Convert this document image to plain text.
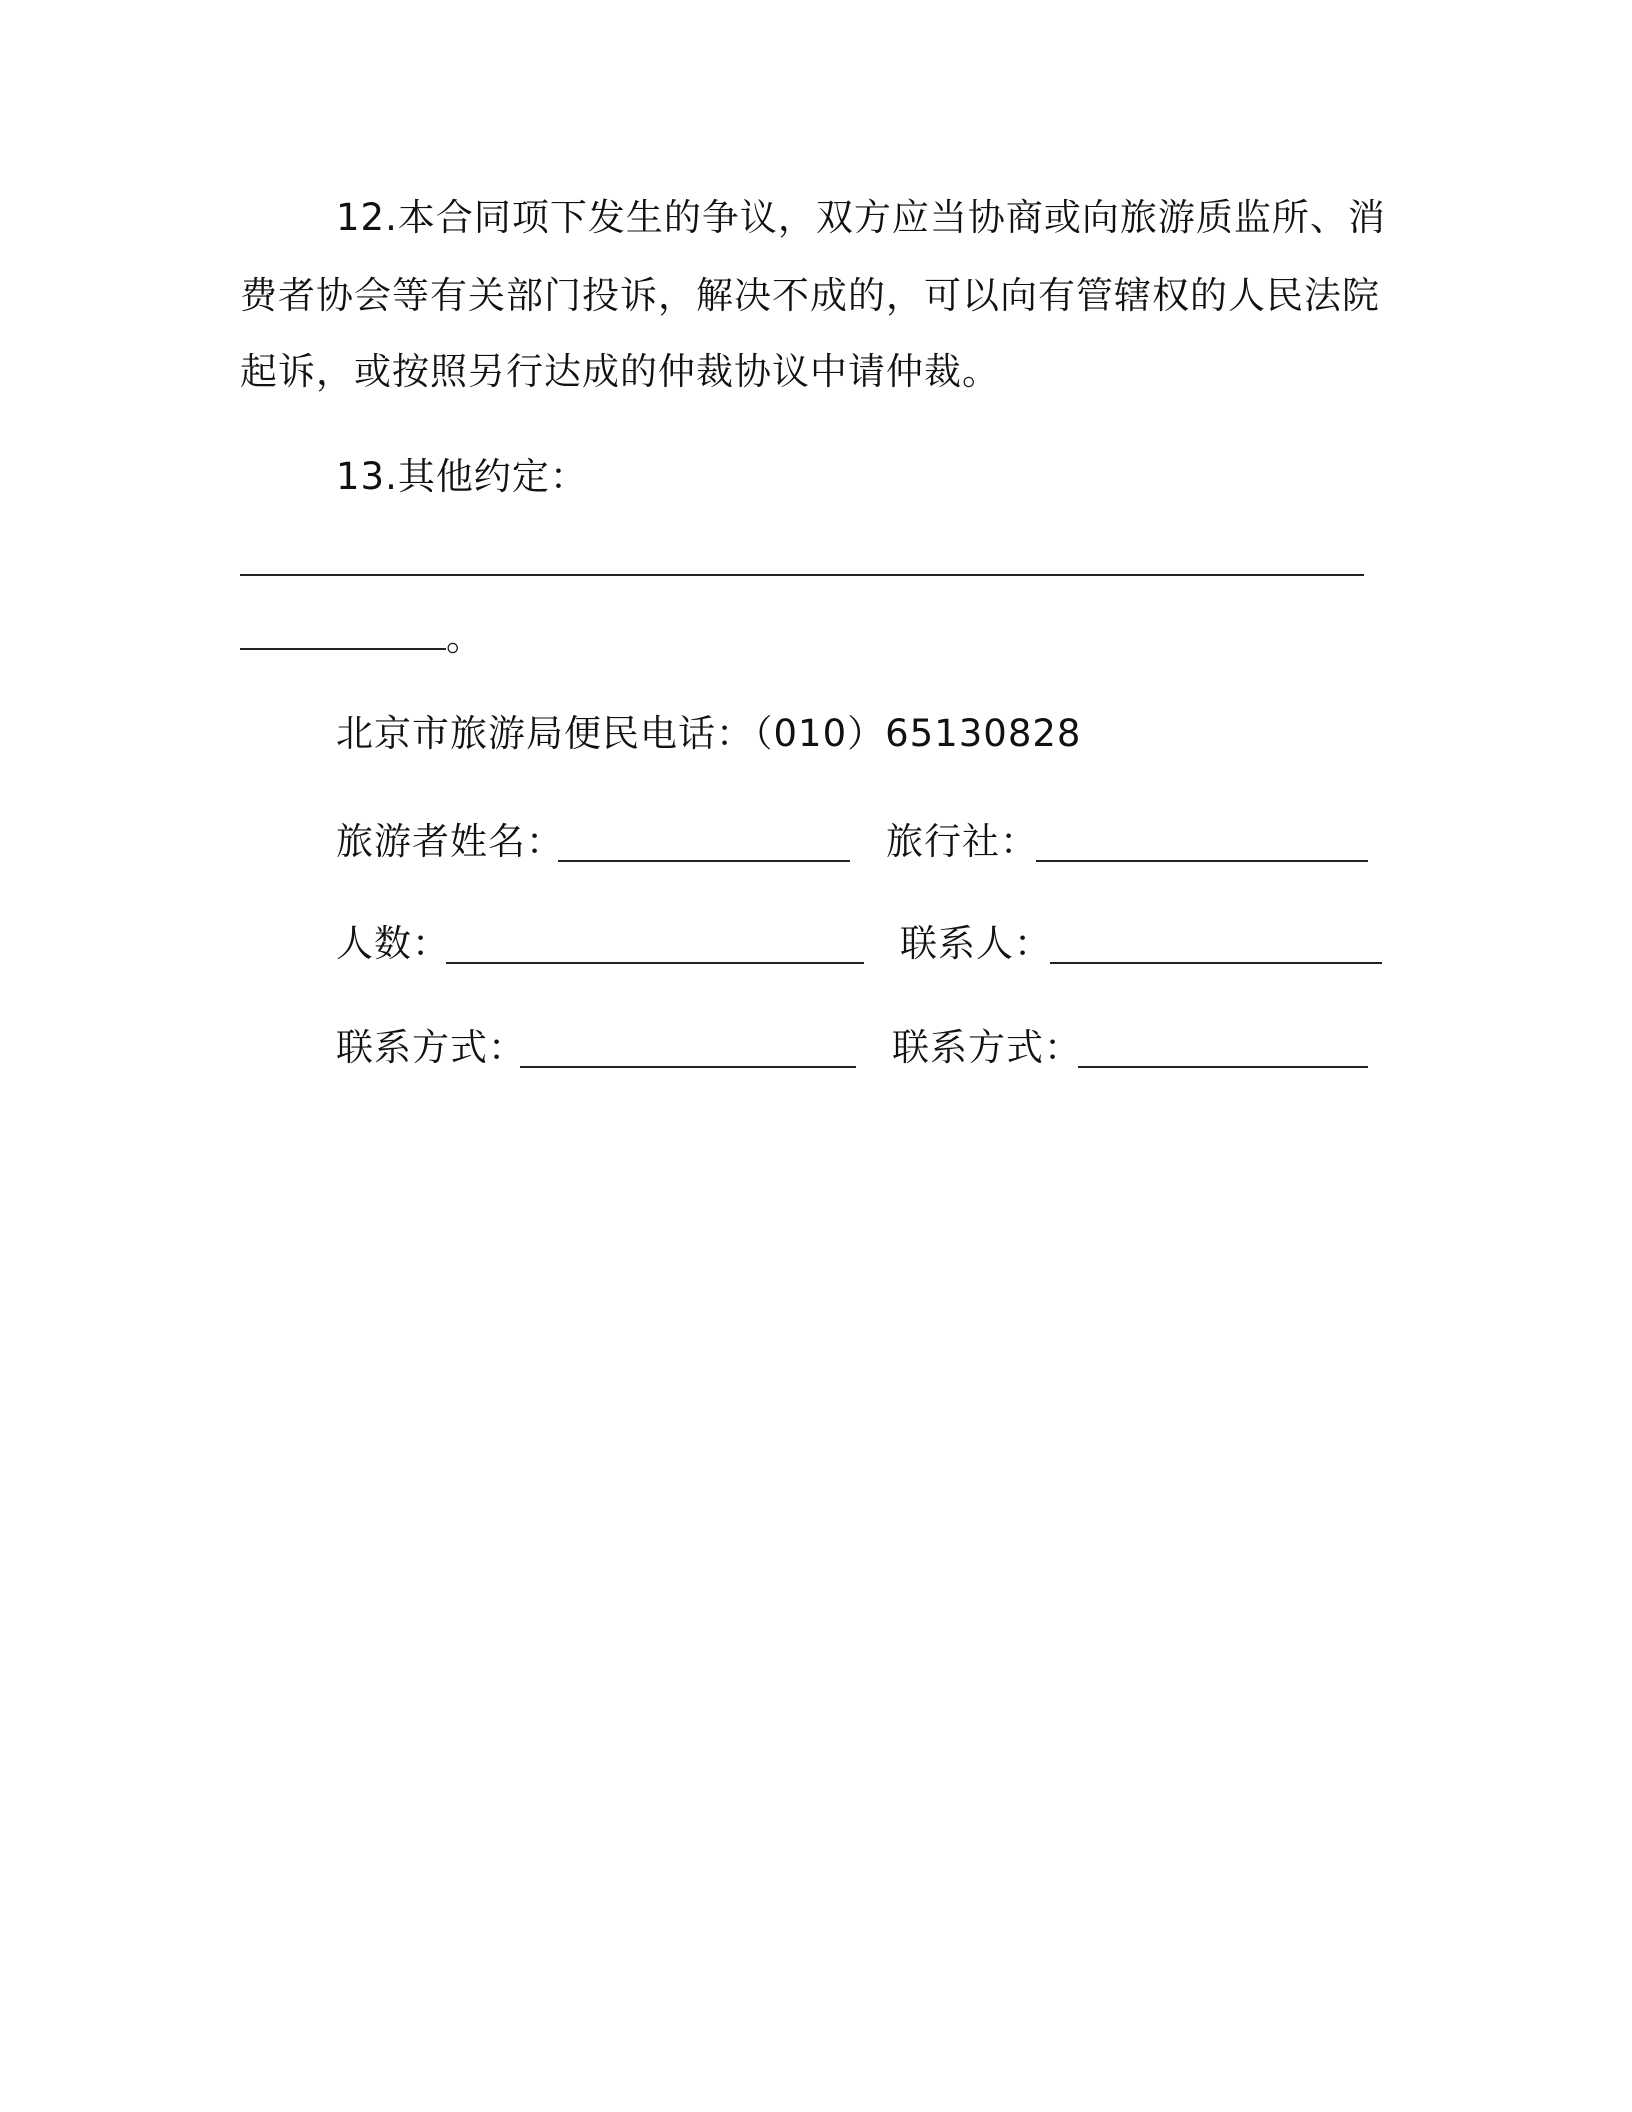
12.本合同项下发生的争议，双方应当协商或向旅游质监所、消
费者协会等有关部门投诉，解决不成的，可以向有管辖权的人民法院
起诉，或按照另行达成的仲裁协议中请仲裁。
13.其他约定：
。
北京市旅游局便民电话：（010）65130828
旅游者姓名：	旅行社：
人数：	联系人：
联系方式：	联系方式：
